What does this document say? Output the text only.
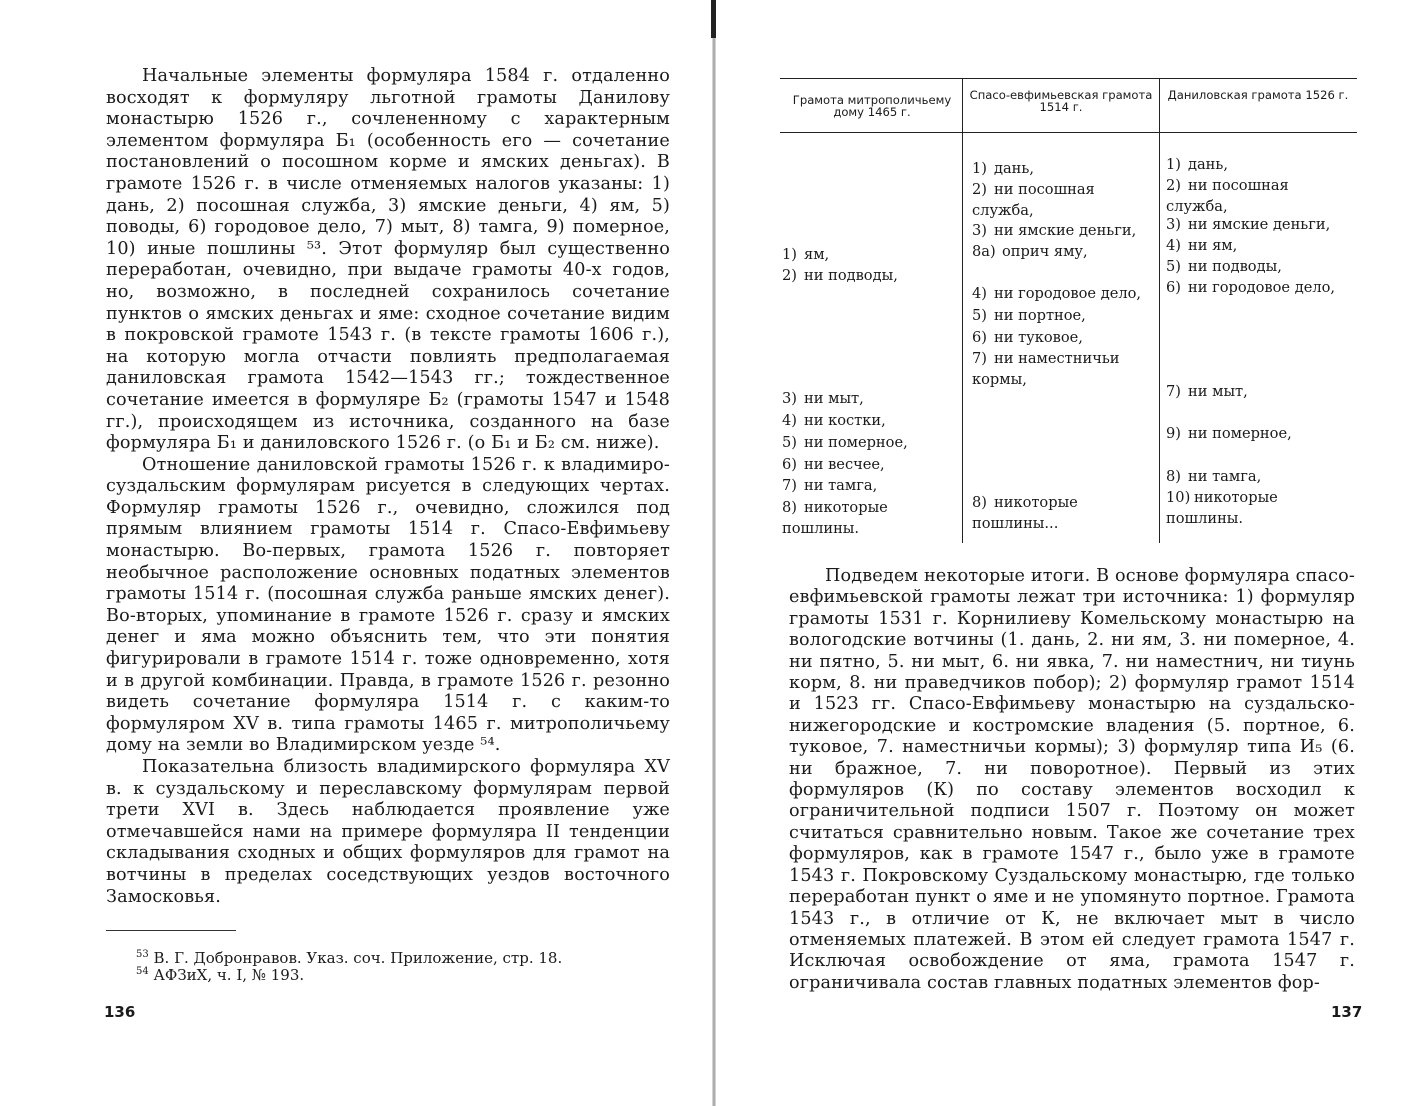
Начальные элементы формуляра 1584 г. отдаленно восходят к формуляру льготной грамоты Данилову монастырю 1526 г., сочлененному с характерным элементом формуляра Б₁ (особенность его — сочетание постановлений о посошном корме и ямских деньгах). В грамоте 1526 г. в числе отменяемых налогов указаны: 1) дань, 2) посошная служба, 3) ямские деньги, 4) ям, 5) поводы, 6) городовое дело, 7) мыт, 8) тамга, 9) померное, 10) иные пошлины ⁵³. Этот формуляр был существенно переработан, очевидно, при выдаче грамоты 40-х годов, но, возможно, в последней сохранилось сочетание пунктов о ямских деньгах и яме: сходное сочетание видим в покровской грамоте 1543 г. (в тексте грамоты 1606 г.), на которую могла отчасти повлиять предполагаемая даниловская грамота 1542—1543 гг.; тождественное сочетание имеется в формуляре Б₂ (грамоты 1547 и 1548 гг.), происходящем из источника, созданного на базе формуляра Б₁ и даниловского 1526 г. (о Б₁ и Б₂ см. ниже).

Отношение даниловской грамоты 1526 г. к владимиро-суздальским формулярам рисуется в следующих чертах. Формуляр грамоты 1526 г., очевидно, сложился под прямым влиянием грамоты 1514 г. Спасо-Евфимьеву монастырю. Во-первых, грамота 1526 г. повторяет необычное расположение основных податных элементов грамоты 1514 г. (посошная служба раньше ямских денег). Во-вторых, упоминание в грамоте 1526 г. сразу и ямских денег и яма можно объяснить тем, что эти понятия фигурировали в грамоте 1514 г. тоже одновременно, хотя и в другой комбинации. Правда, в грамоте 1526 г. резонно видеть сочетание формуляра 1514 г. с каким-то формуляром XV в. типа грамоты 1465 г. митрополичьему дому на земли во Владимирском уезде ⁵⁴.

Показательна близость владимирского формуляра XV в. к суздальскому и переславскому формулярам первой трети XVI в. Здесь наблюдается проявление уже отмечавшейся нами на примере формуляра II тенденции складывания сходных и общих формуляров для грамот на вотчины в пределах соседствующих уездов восточного Замосковья.

$^{53}$ В. Г. Добронравов. Указ. соч. Приложение, стр. 18.
$^{54}$ АФЗиХ, ч. I, № 193.
136
Грамота митрополичьему дому 1465 г.
Спасо-евфимьевская грамота 1514 г.
Даниловская грамота 1526 г.
1) ям,
2) ни подводы,
3) ни мыт,
4) ни костки,
5) ни померное,
6) ни весчее,
7) ни тамга,
8) никоторые пошлины.
1) дань,
2) ни посошная служба,
3) ни ямские деньги,
8а) оприч яму,
4) ни городовое дело,
5) ни портное,
6) ни туковое,
7) ни наместничьи кормы,
8) никоторые пошлины...
1) дань,
2) ни посошная служба,
3) ни ямские деньги,
4) ни ям,
5) ни подводы,
6) ни городовое дело,
7) ни мыт,
9) ни померное,
8) ни тамга,
10) никоторые пошлины.

Подведем некоторые итоги. В основе формуляра спасо-евфимьевской грамоты лежат три источника: 1) формуляр грамоты 1531 г. Корнилиеву Комельскому монастырю на вологодские вотчины (1. дань, 2. ни ям, 3. ни померное, 4. ни пятно, 5. ни мыт, 6. ни явка, 7. ни наместнич, ни тиунь корм, 8. ни праведчиков побор); 2) формуляр грамот 1514 и 1523 гг. Спасо-Евфимьеву монастырю на суздальско-нижегородские и костромские владения (5. портное, 6. туковое, 7. наместничьи кормы); 3) формуляр типа И₅ (6. ни бражное, 7. ни поворотное). Первый из этих формуляров (К) по составу элементов восходил к ограничительной подписи 1507 г. Поэтому он может считаться сравнительно новым. Такое же сочетание трех формуляров, как в грамоте 1547 г., было уже в грамоте 1543 г. Покровскому Суздальскому монастырю, где только переработан пункт о яме и не упомянуто портное. Грамота 1543 г., в отличие от К, не включает мыт в число отменяемых платежей. В этом ей следует грамота 1547 г. Исключая освобождение от яма, грамота 1547 г. ограничивала состав главных податных элементов фор-

137
